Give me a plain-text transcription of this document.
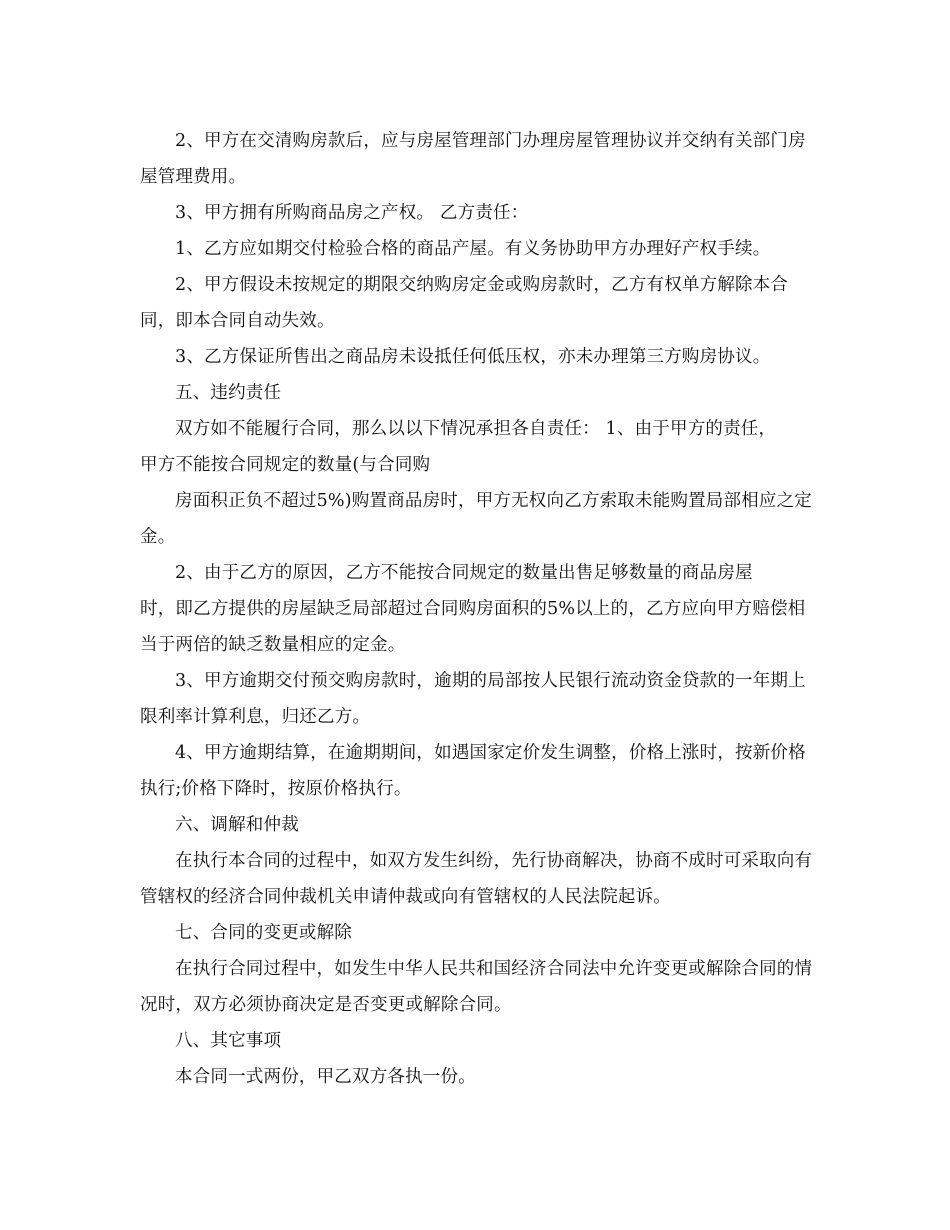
2、甲方在交清购房款后，应与房屋管理部门办理房屋管理协议并交纳有关部门房屋管理费用。

3、甲方拥有所购商品房之产权。 乙方责任：

1、乙方应如期交付检验合格的商品产屋。有义务协助甲方办理好产权手续。

2、甲方假设未按规定的期限交纳购房定金或购房款时，乙方有权单方解除本合同，即本合同自动失效。

3、乙方保证所售出之商品房未设抵任何低压权，亦未办理第三方购房协议。

五、违约责任

双方如不能履行合同，那么以以下情况承担各自责任： 1、由于甲方的责任，

甲方不能按合同规定的数量(与合同购

房面积正负不超过5%)购置商品房时，甲方无权向乙方索取未能购置局部相应之定金。

2、由于乙方的原因，乙方不能按合同规定的数量出售足够数量的商品房屋

时，即乙方提供的房屋缺乏局部超过合同购房面积的5%以上的，乙方应向甲方赔偿相当于两倍的缺乏数量相应的定金。

3、甲方逾期交付预交购房款时，逾期的局部按人民银行流动资金贷款的一年期上限利率计算利息，归还乙方。

4、甲方逾期结算，在逾期期间，如遇国家定价发生调整，价格上涨时，按新价格执行;价格下降时，按原价格执行。

六、调解和仲裁

在执行本合同的过程中，如双方发生纠纷，先行协商解决，协商不成时可采取向有管辖权的经济合同仲裁机关申请仲裁或向有管辖权的人民法院起诉。

七、合同的变更或解除

在执行合同过程中，如发生中华人民共和国经济合同法中允许变更或解除合同的情况时，双方必须协商决定是否变更或解除合同。

八、其它事项

本合同一式两份，甲乙双方各执一份。
